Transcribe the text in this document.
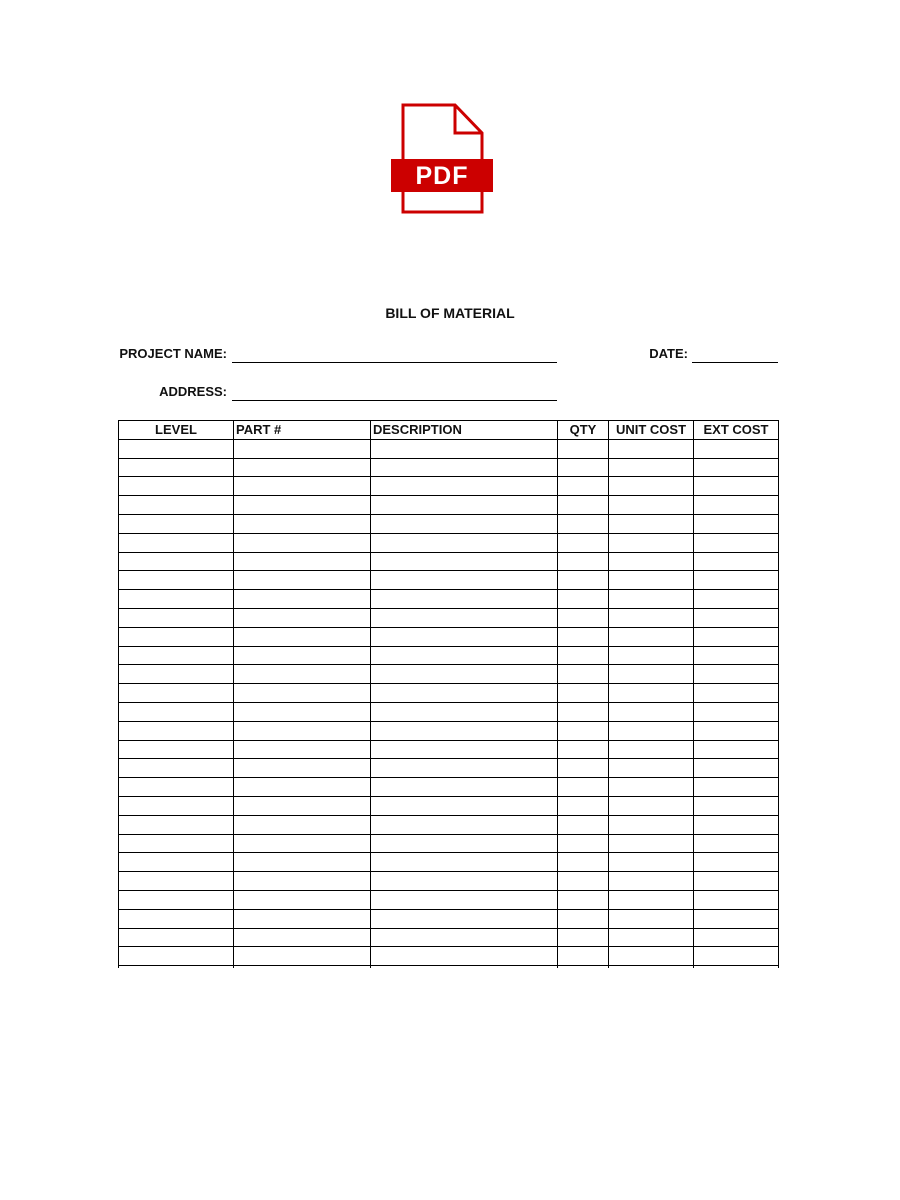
PDF
BILL OF MATERIAL
PROJECT NAME:	DATE:
ADDRESS:
LEVEL	PART #	DESCRIPTION	QTY	UNIT COST	EXT COST
